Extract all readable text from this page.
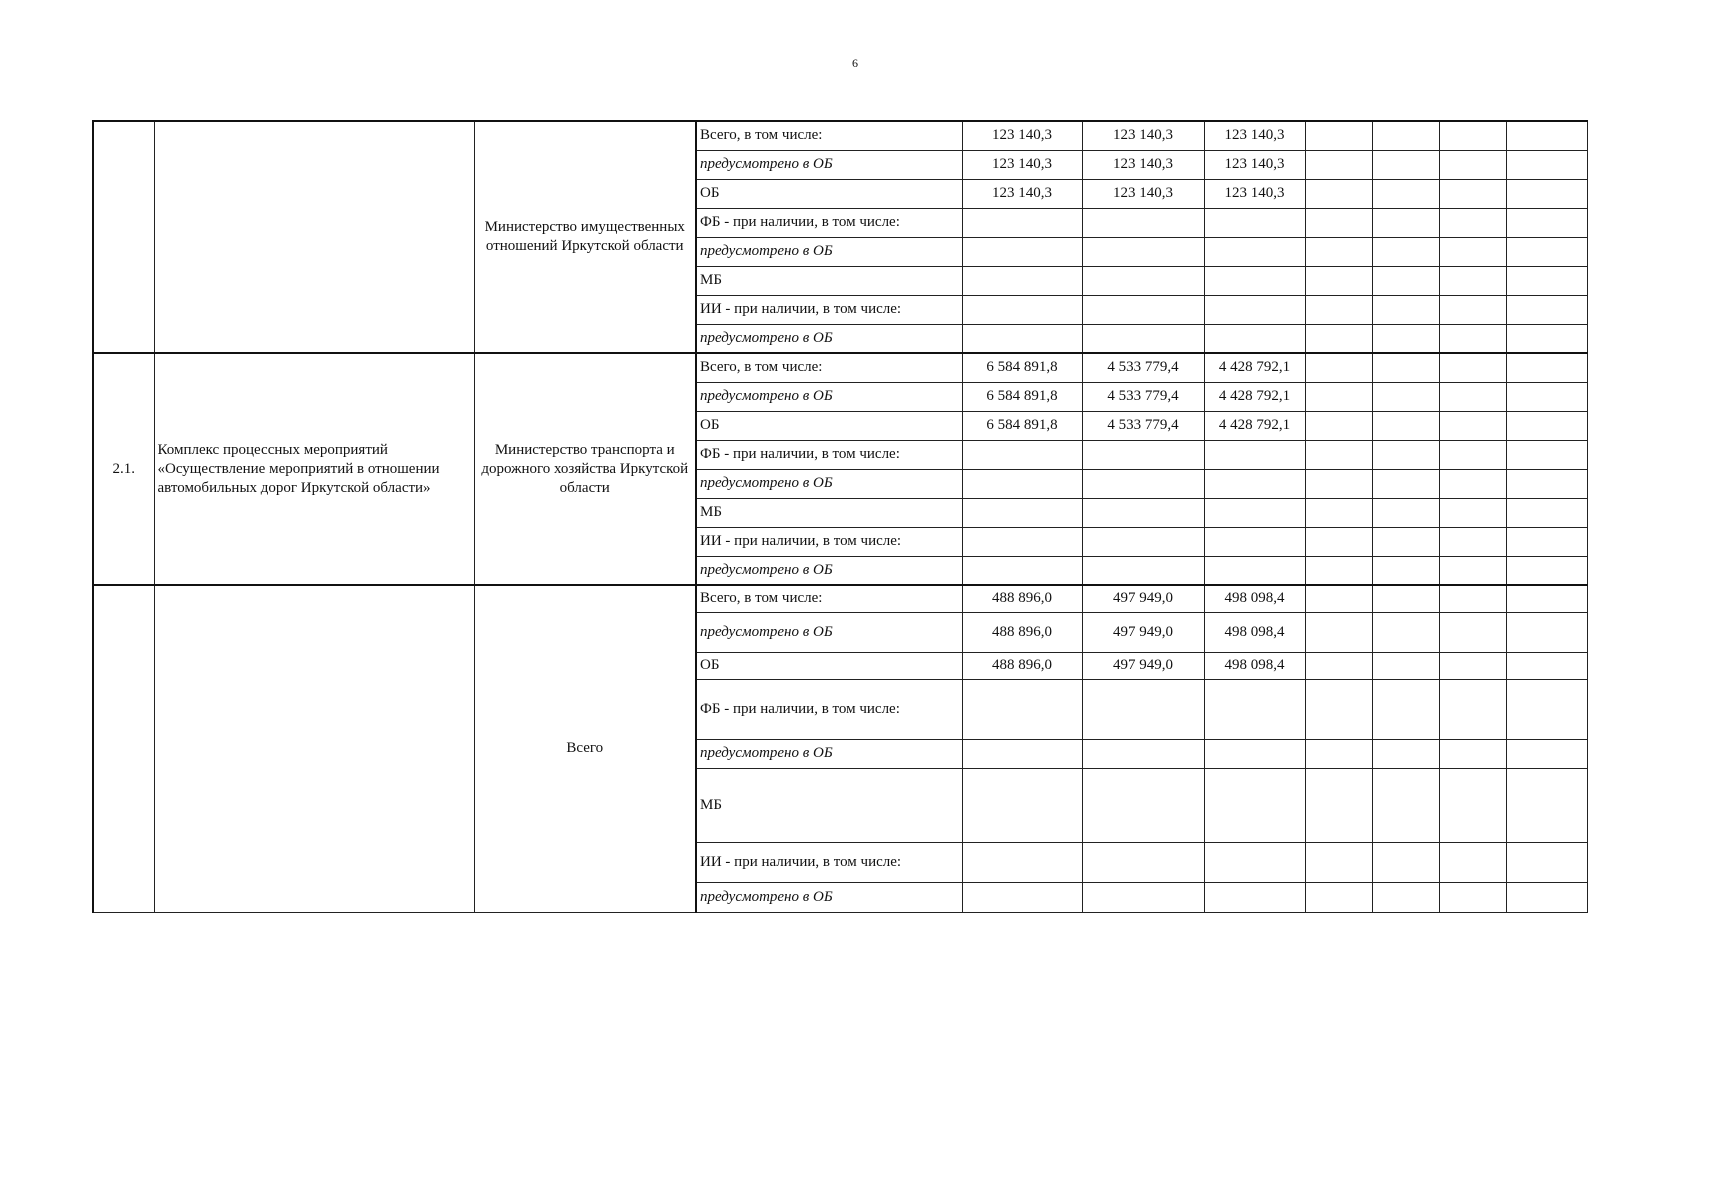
6
		Министерство имущественных отношений Иркутской области	Всего, в том числе:	123 140,3	123 140,3	123 140,3				
			предусмотрено в ОБ	123 140,3	123 140,3	123 140,3				
			ОБ	123 140,3	123 140,3	123 140,3				
			ФБ - при наличии, в том числе:							
			предусмотрено в ОБ							
			МБ							
			ИИ - при наличии, в том числе:							
			предусмотрено в ОБ							
2.1.	Комплекс процессных мероприятий «Осуществление мероприятий в отношении автомобильных дорог Иркутской области»	Министерство транспорта и дорожного хозяйства Иркутской области	Всего, в том числе:	6 584 891,8	4 533 779,4	4 428 792,1				
			предусмотрено в ОБ	6 584 891,8	4 533 779,4	4 428 792,1				
			ОБ	6 584 891,8	4 533 779,4	4 428 792,1				
			ФБ - при наличии, в том числе:							
			предусмотрено в ОБ							
			МБ							
			ИИ - при наличии, в том числе:							
			предусмотрено в ОБ							
		Всего	Всего, в том числе:	488 896,0	497 949,0	498 098,4				
			предусмотрено в ОБ	488 896,0	497 949,0	498 098,4				
			ОБ	488 896,0	497 949,0	498 098,4				
			ФБ - при наличии, в том числе:							
			предусмотрено в ОБ							
			МБ							
			ИИ - при наличии, в том числе:							
			предусмотрено в ОБ							
